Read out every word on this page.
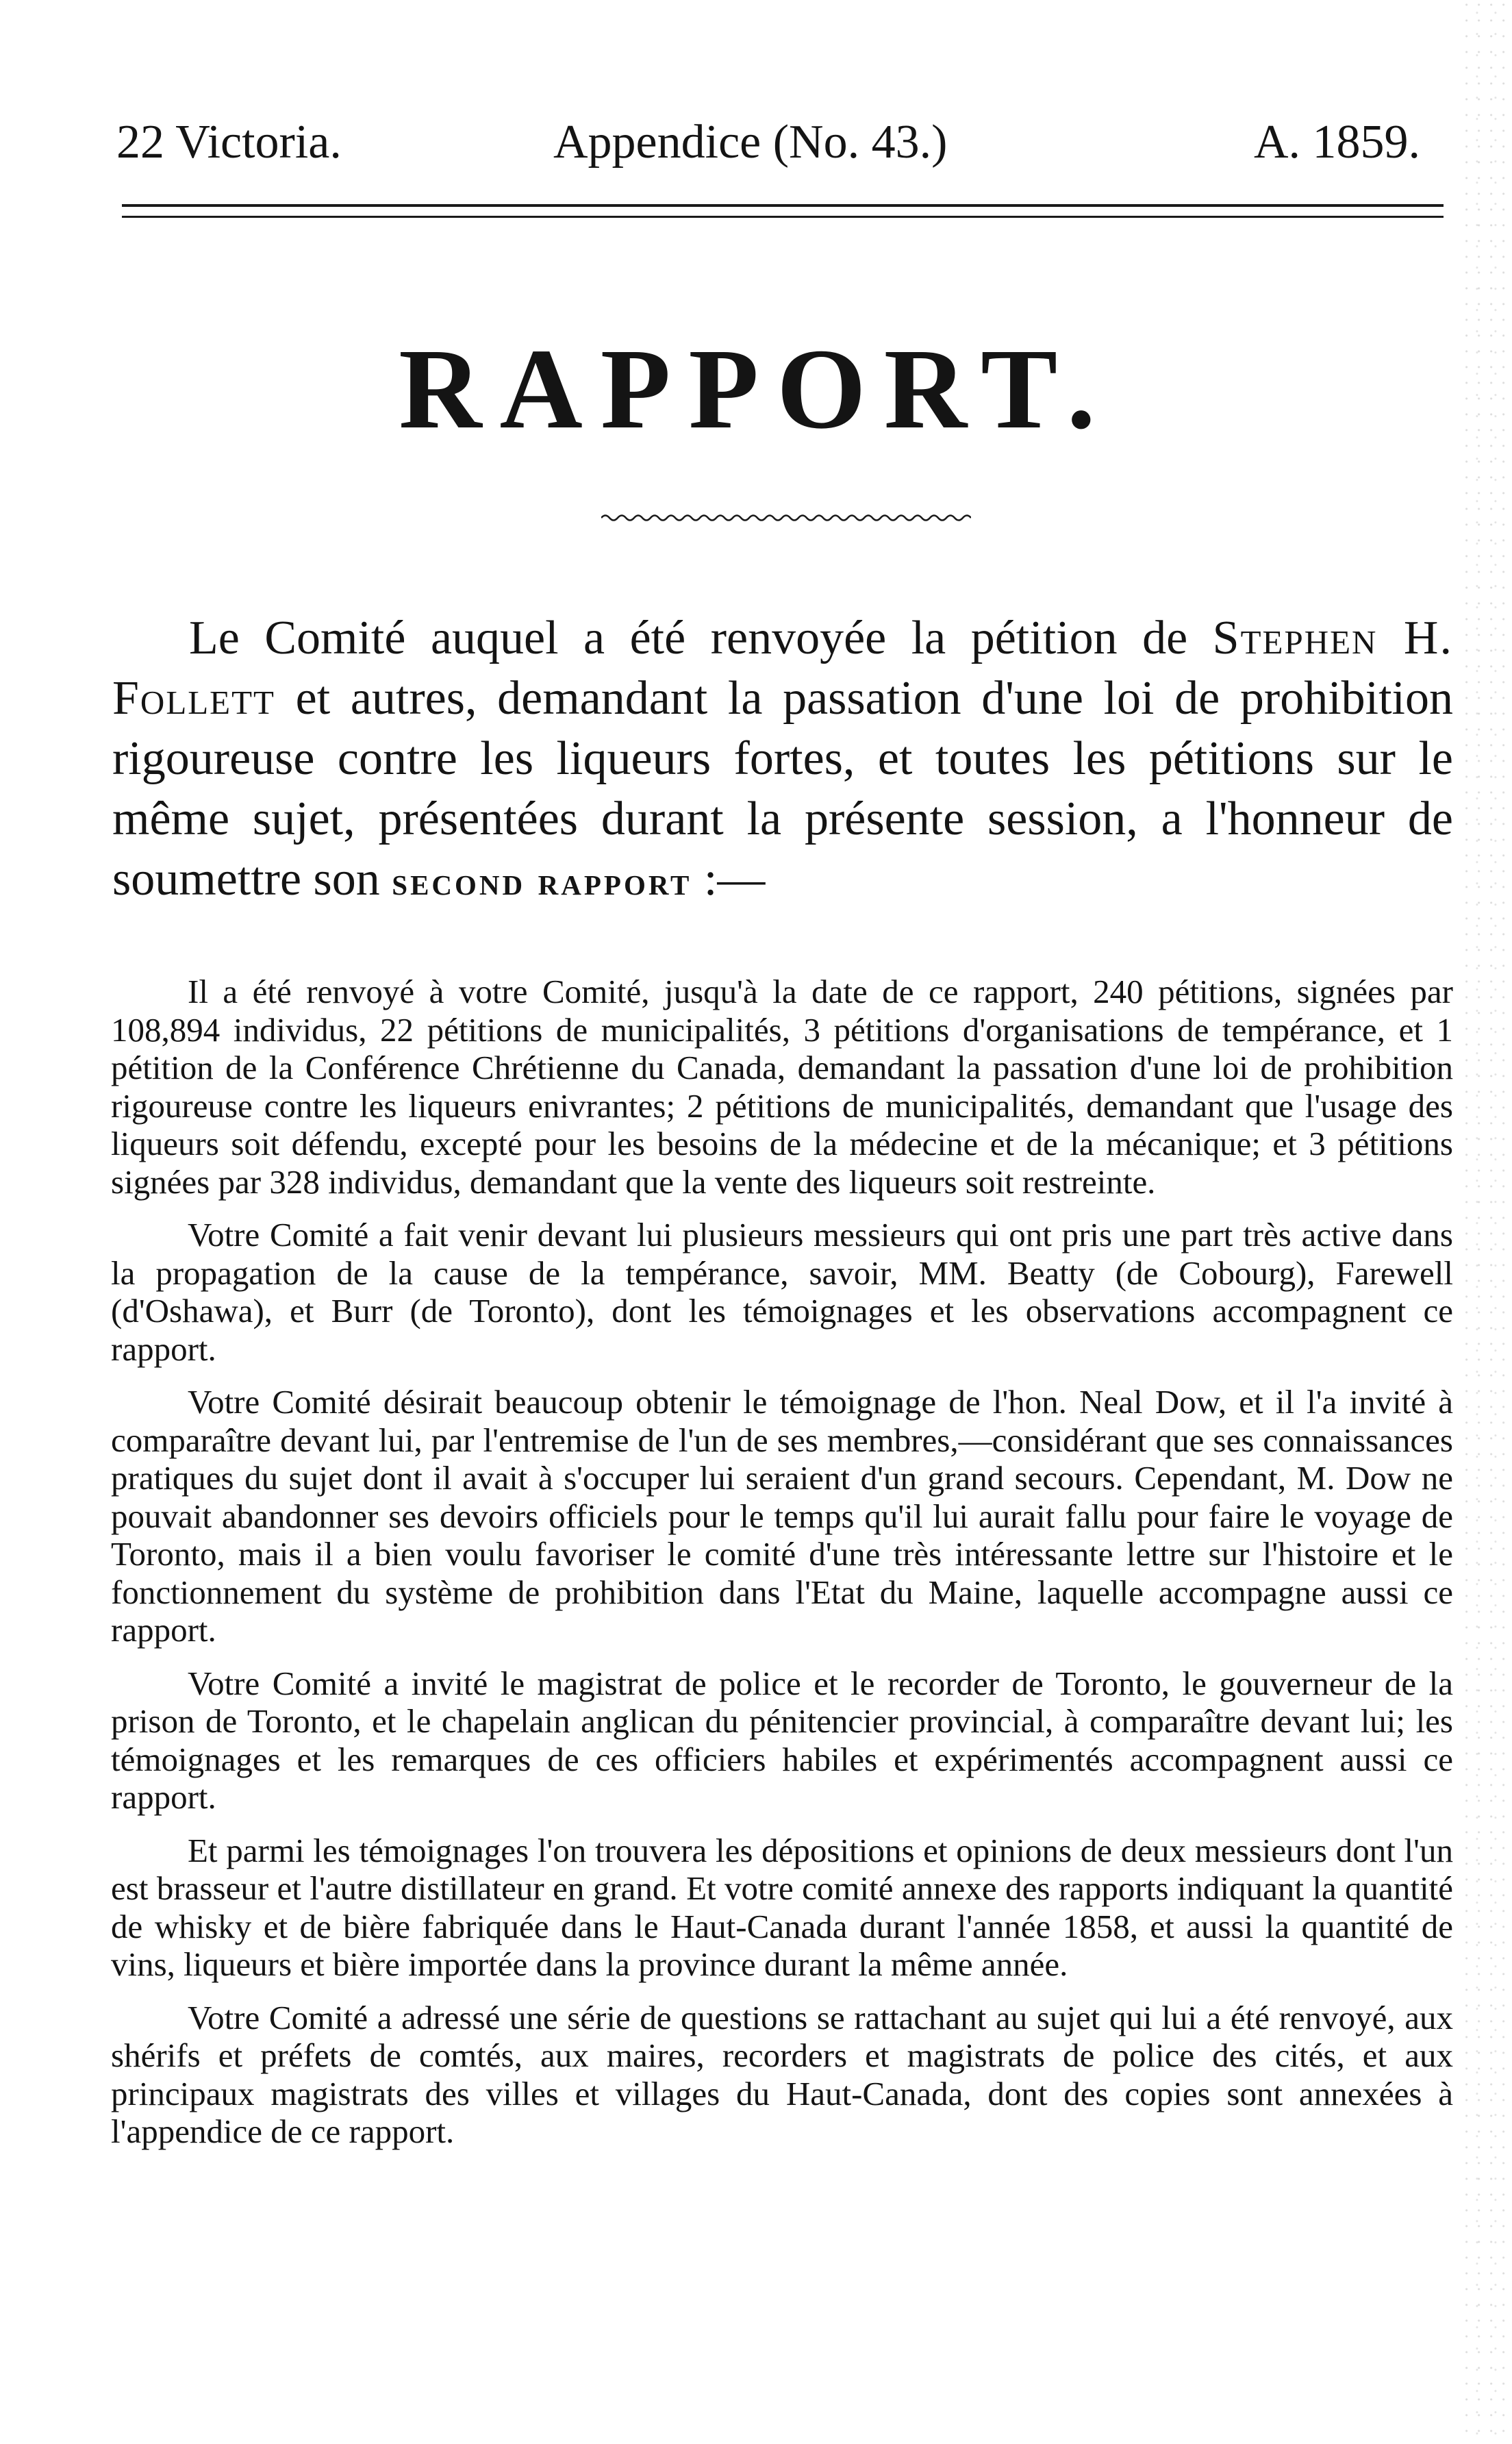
22 Victoria.	Appendice (No. 43.)	A. 1859.
RAPPORT.

Le Comité auquel a été renvoyée la pétition de Stephen H. Follett et autres, demandant la passation d'une loi de prohibition rigoureuse contre les liqueurs fortes, et toutes les pétitions sur le même sujet, présentées durant la présente session, a l'honneur de soumettre son second rapport :—

Il a été renvoyé à votre Comité, jusqu'à la date de ce rapport, 240 pétitions, signées par 108,894 individus, 22 pétitions de municipalités, 3 pétitions d'organisations de tempérance, et 1 pétition de la Conférence Chrétienne du Canada, demandant la passation d'une loi de prohibition rigoureuse contre les liqueurs enivrantes; 2 pétitions de municipalités, demandant que l'usage des liqueurs soit défendu, excepté pour les besoins de la médecine et de la mécanique; et 3 pétitions signées par 328 individus, demandant que la vente des liqueurs soit restreinte.

Votre Comité a fait venir devant lui plusieurs messieurs qui ont pris une part très active dans la propagation de la cause de la tempérance, savoir, MM. Beatty (de Cobourg), Farewell (d'Oshawa), et Burr (de Toronto), dont les témoignages et les observations accompagnent ce rapport.

Votre Comité désirait beaucoup obtenir le témoignage de l'hon. Neal Dow, et il l'a invité à comparaître devant lui, par l'entremise de l'un de ses membres,—considérant que ses connaissances pratiques du sujet dont il avait à s'occuper lui seraient d'un grand secours. Cependant, M. Dow ne pouvait abandonner ses devoirs officiels pour le temps qu'il lui aurait fallu pour faire le voyage de Toronto, mais il a bien voulu favoriser le comité d'une très intéressante lettre sur l'histoire et le fonctionnement du système de prohibition dans l'Etat du Maine, laquelle accompagne aussi ce rapport.

Votre Comité a invité le magistrat de police et le recorder de Toronto, le gouverneur de la prison de Toronto, et le chapelain anglican du pénitencier provincial, à comparaître devant lui; les témoignages et les remarques de ces officiers habiles et expérimentés accompagnent aussi ce rapport.

Et parmi les témoignages l'on trouvera les dépositions et opinions de deux messieurs dont l'un est brasseur et l'autre distillateur en grand. Et votre comité annexe des rapports indiquant la quantité de whisky et de bière fabriquée dans le Haut-Canada durant l'année 1858, et aussi la quantité de vins, liqueurs et bière importée dans la province durant la même année.

Votre Comité a adressé une série de questions se rattachant au sujet qui lui a été renvoyé, aux shérifs et préfets de comtés, aux maires, recorders et magistrats de police des cités, et aux principaux magistrats des villes et villages du Haut-Canada, dont des copies sont annexées à l'appendice de ce rapport.
